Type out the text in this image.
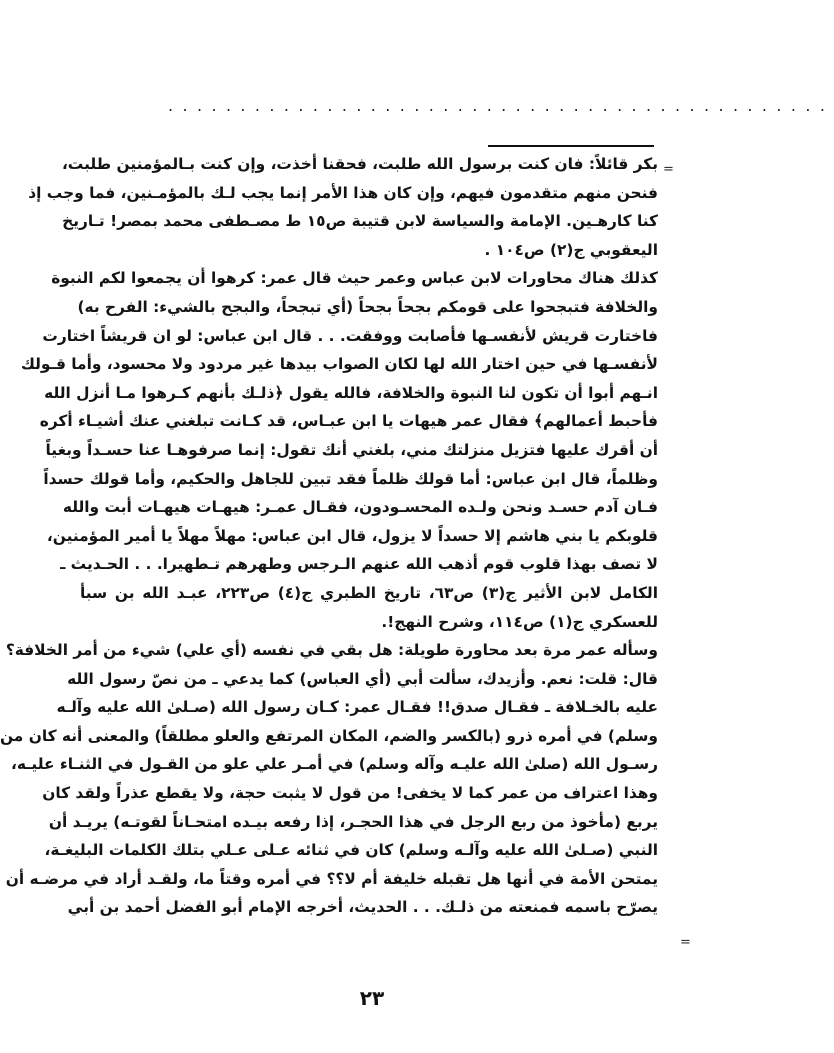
..............................................
=
بكر قائلاً: فان كنت برسول الله طلبت، فحقنا أخذت، وإن كنت بـالمؤمنين طلبت،
فنحن منهم متقدمون فيهم، وإن كان هذا الأمر إنما يجب لـك بالمؤمـنين، فما وجب إذ
كنا كارهـين. الإمامة والسياسة لابن قتيبة ص١٥ ط مصـطفى محمد بمصر! تـاريخ
اليعقوبي ج(٢) ص١٠٤ .
كذلك هناك محاورات لابن عباس وعمر حيث قال عمر: كرهوا أن يجمعوا لكم النبوة
والخلافة فتبجحوا على قومكم بجحاً بجحاً (أي تبجحاً، والبجح بالشيء: الفرح به)
فاختارت قريش لأنفسـها فأصابت ووفقت. . . قال ابن عباس: لو ان قريشاً اختارت
لأنفسـها في حين اختار الله لها لكان الصواب بيدها غير مردود ولا محسود، وأما قـولك
انـهم أبوا أن تكون لنا النبوة والخلافة، فالله يقول ﴿ذلـك بأنهم كـرهوا مـا أنزل الله
فأحبط أعمالهم﴾ فقال عمر هيهات يا ابن عبـاس، قد كـانت تبلغني عنك أشيـاء أكره
أن أقرك عليها فتزيل منزلتك مني، بلغني أنك تقول: إنما صرفوهـا عنا حسـداً وبغياً
وظلماً، قال ابن عباس: أما قولك ظلماً فقد تبين للجاهل والحكيم، وأما قولك حسداً
فـان آدم حسـد ونحن ولـده المحسـودون، فقـال عمـر: هيهـات هيهـات أبت والله
قلوبكم يا بني هاشم إلا حسداً لا يزول، قال ابن عباس: مهلاً مهلاً يا أمير المؤمنين،
لا تصف بهذا قلوب قوم أذهب الله عنهم الـرجس وطهرهم تـطهيرا. . . الحـديث ـ
الكامل لابن الأثير ج(٣) ص٦٣، تاريخ الطبري ج(٤) ص٢٢٣، عبـد الله بن سبأ
للعسكري ج(١) ص١١٤، وشرح النهج!.
وسأله عمر مرة بعد محاورة طويلة: هل بقي في نفسه (أي علي) شيء من أمر الخلافة؟
قال: قلت: نعم. وأزيدك، سألت أبي (أي العباس) كما يدعي ـ من نصّ رسول الله
عليه بالخـلافة ـ فقـال صدق!! فقـال عمر: كـان رسول الله (صـلىٰ الله عليه وآلـه
وسلم) في أمره ذرو (بالكسر والضم، المكان المرتفع والعلو مطلقاً) والمعنى أنه كان من
رسـول الله (صلىٰ الله عليـه وآله وسلم) في أمـر علي علو من القـول في الثنـاء عليـه،
وهذا اعتراف من عمر كما لا يخفى! من قول لا يثبت حجة، ولا يقطع عذراً ولقد كان
يربع (مأخوذ من ربع الرجل في هذا الحجـر، إذا رفعه بيـده امتحـاناً لقوتـه) يريـد أن
النبي (صـلىٰ الله عليه وآلـه وسلم) كان في ثنائه عـلى عـلي بتلك الكلمات البليغـة،
يمتحن الأمة في أنها هل تقبله خليفة أم لا؟؟ في أمره وقتاً ما، ولقـد أراد في مرضـه أن
يصرّح باسمه فمنعته من ذلـك. . . الحديث، أخرجه الإمام أبو الفضل أحمد بن أبي
=
٢٣
